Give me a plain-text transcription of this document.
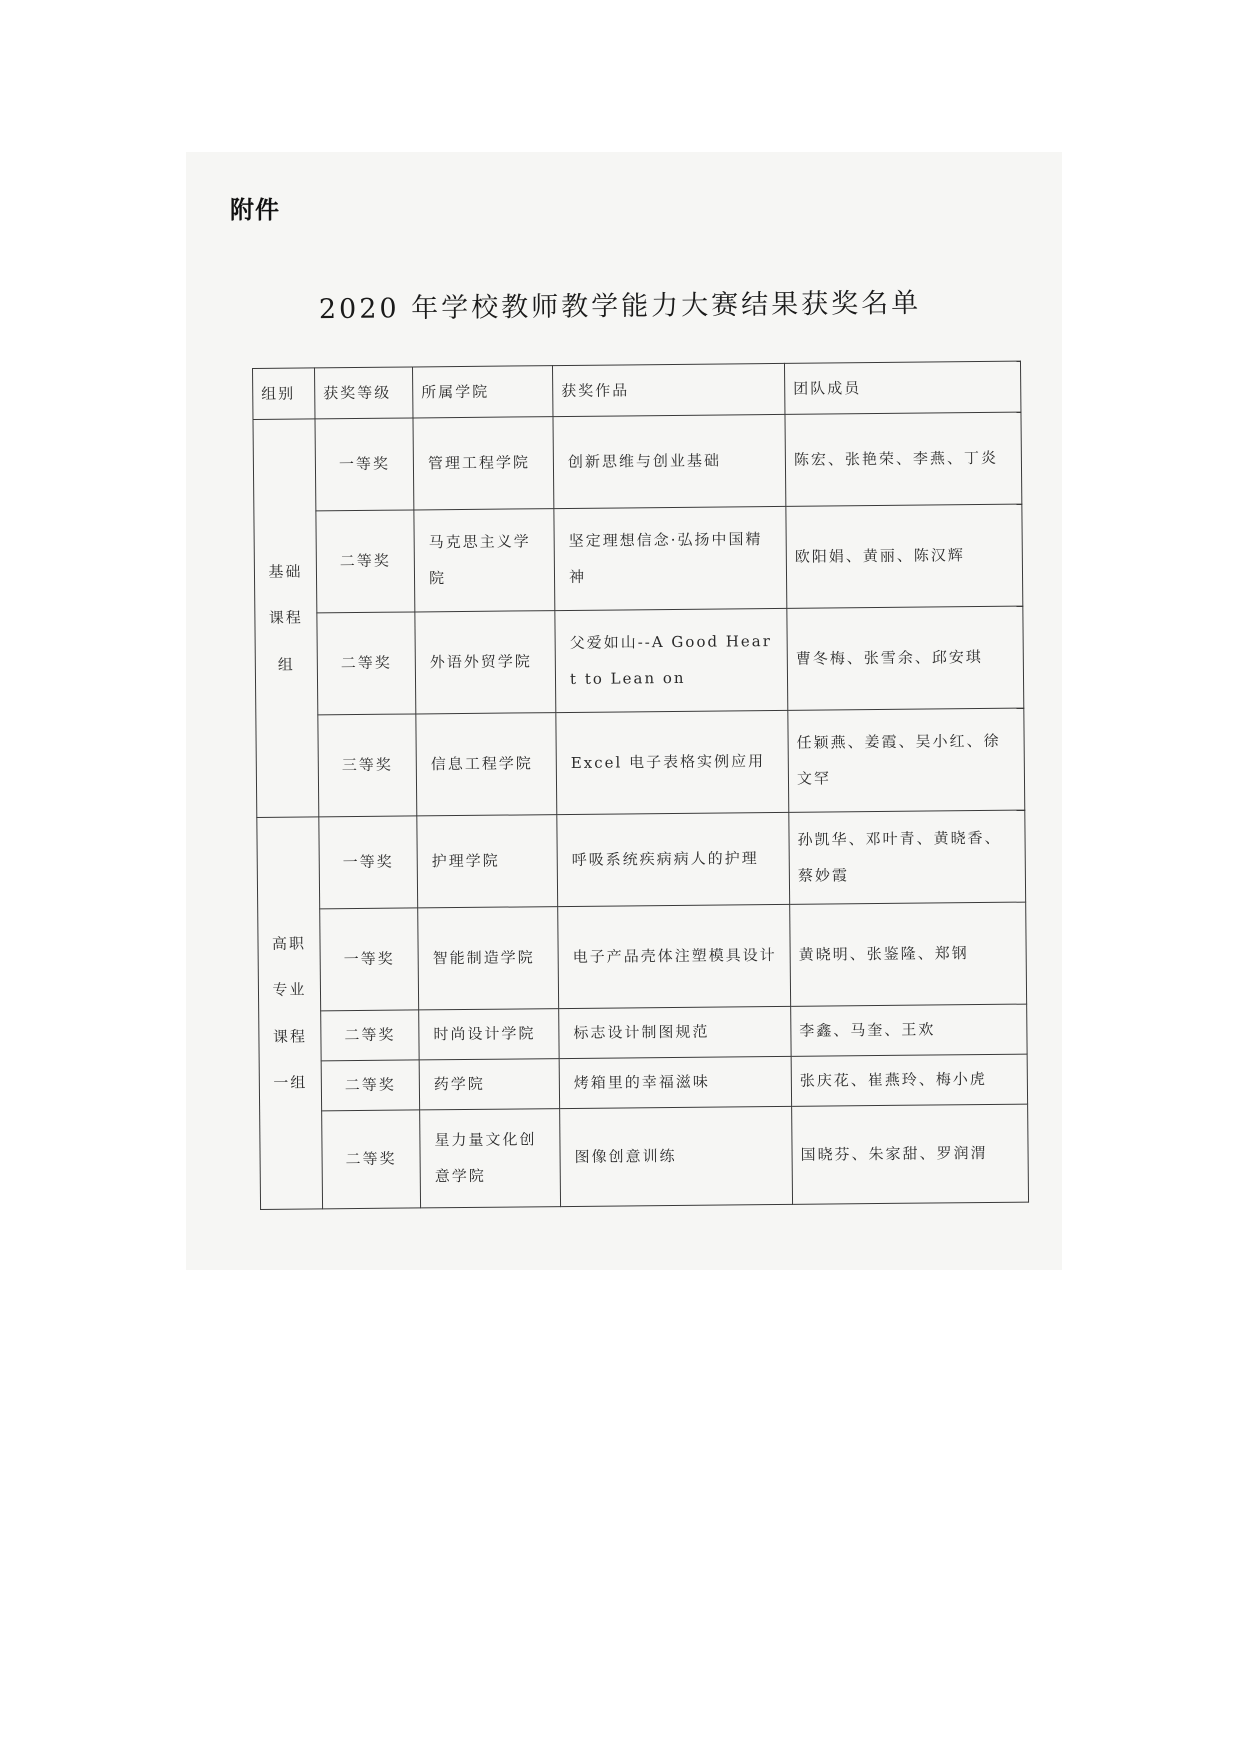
附件
2020 年学校教师教学能力大赛结果获奖名单
组别	获奖等级	所属学院	获奖作品	团队成员
基础课程组	一等奖	管理工程学院	创新思维与创业基础	陈宏、张艳荣、李燕、丁炎
	二等奖	马克思主义学院	坚定理想信念·弘扬中国精神	欧阳娟、黄丽、陈汉辉
	二等奖	外语外贸学院	父爱如山--A Good Heart to Lean on	曹冬梅、张雪余、邱安琪
	三等奖	信息工程学院	Excel 电子表格实例应用	任颖燕、姜霞、吴小红、徐文罕
高职专业课程一组	一等奖	护理学院	呼吸系统疾病病人的护理	孙凯华、邓叶青、黄晓香、蔡妙霞
	一等奖	智能制造学院	电子产品壳体注塑模具设计	黄晓明、张鉴隆、郑钢
	二等奖	时尚设计学院	标志设计制图规范	李鑫、马奎、王欢
	二等奖	药学院	烤箱里的幸福滋味	张庆花、崔燕玲、梅小虎
	二等奖	星力量文化创意学院	图像创意训练	国晓芬、朱家甜、罗润渭
